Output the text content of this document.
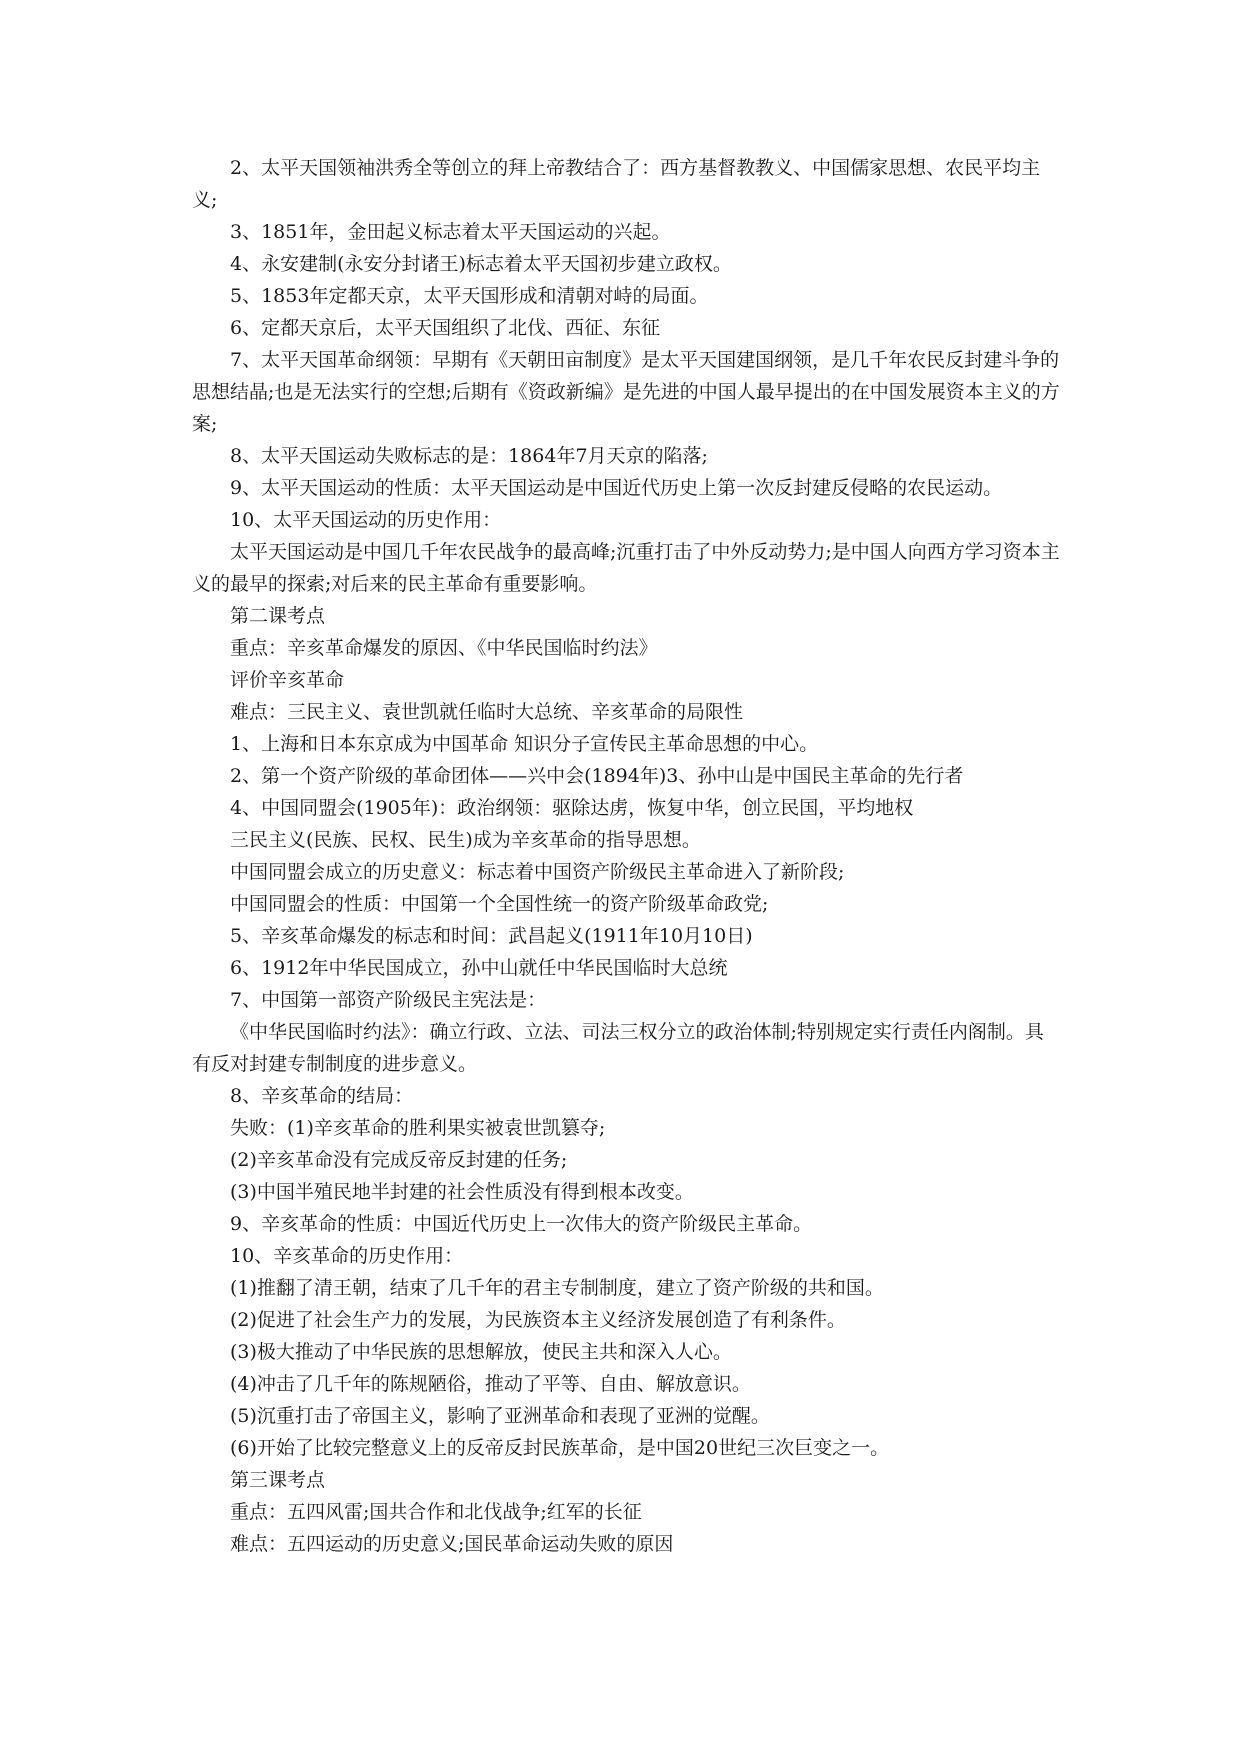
2、太平天国领袖洪秀全等创立的拜上帝教结合了：西方基督教教义、中国儒家思想、农民平均主义;

3、1851年，金田起义标志着太平天国运动的兴起。

4、永安建制(永安分封诸王)标志着太平天国初步建立政权。

5、1853年定都天京，太平天国形成和清朝对峙的局面。

6、定都天京后，太平天国组织了北伐、西征、东征

7、太平天国革命纲领：早期有《天朝田亩制度》是太平天国建国纲领，是几千年农民反封建斗争的思想结晶;也是无法实行的空想;后期有《资政新编》是先进的中国人最早提出的在中国发展资本主义的方案;

8、太平天国运动失败标志的是：1864年7月天京的陷落;

9、太平天国运动的性质：太平天国运动是中国近代历史上第一次反封建反侵略的农民运动。

10、太平天国运动的历史作用：

太平天国运动是中国几千年农民战争的最高峰;沉重打击了中外反动势力;是中国人向西方学习资本主义的最早的探索;对后来的民主革命有重要影响。

第二课考点

重点：辛亥革命爆发的原因、《中华民国临时约法》

评价辛亥革命

难点：三民主义、袁世凯就任临时大总统、辛亥革命的局限性

1、上海和日本东京成为中国革命 知识分子宣传民主革命思想的中心。

2、第一个资产阶级的革命团体——兴中会(1894年)3、孙中山是中国民主革命的先行者

4、中国同盟会(1905年)：政治纲领：驱除达虏，恢复中华，创立民国，平均地权

三民主义(民族、民权、民生)成为辛亥革命的指导思想。

中国同盟会成立的历史意义：标志着中国资产阶级民主革命进入了新阶段;

中国同盟会的性质：中国第一个全国性统一的资产阶级革命政党;

5、辛亥革命爆发的标志和时间：武昌起义(1911年10月10日)

6、1912年中华民国成立，孙中山就任中华民国临时大总统

7、中国第一部资产阶级民主宪法是：

《中华民国临时约法》：确立行政、立法、司法三权分立的政治体制;特别规定实行责任内阁制。具有反对封建专制制度的进步意义。

8、辛亥革命的结局：

失败：(1)辛亥革命的胜利果实被袁世凯篡夺;

(2)辛亥革命没有完成反帝反封建的任务;

(3)中国半殖民地半封建的社会性质没有得到根本改变。

9、辛亥革命的性质：中国近代历史上一次伟大的资产阶级民主革命。

10、辛亥革命的历史作用：

(1)推翻了清王朝，结束了几千年的君主专制制度，建立了资产阶级的共和国。

(2)促进了社会生产力的发展，为民族资本主义经济发展创造了有利条件。

(3)极大推动了中华民族的思想解放，使民主共和深入人心。

(4)冲击了几千年的陈规陋俗，推动了平等、自由、解放意识。

(5)沉重打击了帝国主义，影响了亚洲革命和表现了亚洲的觉醒。

(6)开始了比较完整意义上的反帝反封民族革命，是中国20世纪三次巨变之一。

第三课考点

重点：五四风雷;国共合作和北伐战争;红军的长征

难点：五四运动的历史意义;国民革命运动失败的原因
